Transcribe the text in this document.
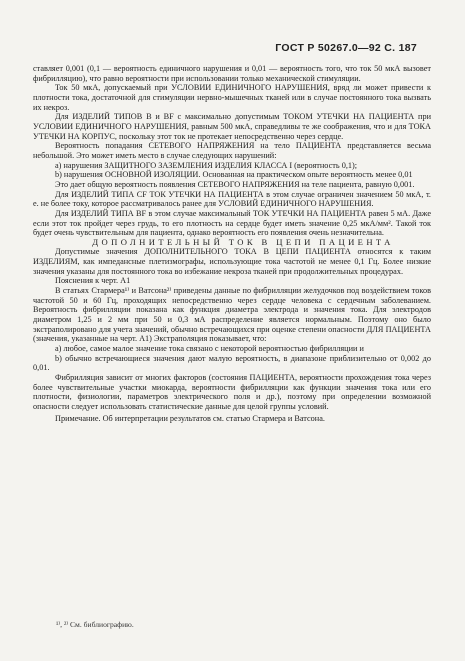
ГОСТ Р 50267.0—92 С. 187

ставляет 0,001 (0,1 — вероятность единичного нарушения и 0,01 — вероятность того, что ток 50 мкА вызовет фибрилляцию), что равно вероятности при использовании только механической стимуляции.

Ток 50 мкА, допускаемый при УСЛОВИИ ЕДИНИЧНОГО НАРУШЕНИЯ, вряд ли может привести к плотности тока, достаточной для стимуляции нервно-мышечных тканей или в случае постоянного тока вызвать их некроз.

Для ИЗДЕЛИЙ ТИПОВ В и BF с максимально допустимым ТОКОМ УТЕЧКИ НА ПАЦИЕНТА при УСЛОВИИ ЕДИНИЧНОГО НАРУШЕНИЯ, равным 500 мкА, справедливы те же соображения, что и для ТОКА УТЕЧКИ НА КОРПУС, поскольку этот ток не протекает непосредственно через сердце.

Вероятность попадания СЕТЕВОГО НАПРЯЖЕНИЯ на тело ПАЦИЕНТА представляется весьма небольшой. Это может иметь место в случае следующих нарушений:

а) нарушения ЗАЩИТНОГО ЗАЗЕМЛЕНИЯ ИЗДЕЛИЯ КЛАССА I (вероятность 0,1);

b) нарушения ОСНОВНОЙ ИЗОЛЯЦИИ. Основанная на практическом опыте вероятность менее 0,01

Это дает общую вероятность появления СЕТЕВОГО НАПРЯЖЕНИЯ на теле пациента, равную 0,001.

Для ИЗДЕЛИЙ ТИПА CF ТОК УТЕЧКИ НА ПАЦИЕНТА в этом случае ограничен значением 50 мкА, т. е. не более току, которое рассматривалось ранее для УСЛОВИЙ ЕДИНИЧНОГО НАРУШЕНИЯ.

Для ИЗДЕЛИЙ ТИПА BF в этом случае максимальный ТОК УТЕЧКИ НА ПАЦИЕНТА равен 5 мА. Даже если этот ток пройдет через грудь, то его плотность на сердце будет иметь значение 0,25 мкА/мм². Такой ток будет очень чувствительным для пациента, однако вероятность его появления очень незначительна.

ДОПОЛНИТЕЛЬНЫЙ ТОК В ЦЕПИ ПАЦИЕНТА

Допустимые значения ДОПОЛНИТЕЛЬНОГО ТОКА В ЦЕПИ ПАЦИЕНТА относятся к таким ИЗДЕЛИЯМ, как импедансные плетизмографы, использующие тока частотой не менее 0,1 Гц. Более низкие значения указаны для постоянного тока во избежание некроза тканей при продолжительных процедурах.

Пояснения к черт. А1

В статьях Стармера¹⁾ и Ватсона²⁾ приведены данные по фибрилляции желудочков под воздействием токов частотой 50 и 60 Гц, проходящих непосредственно через сердце человека с сердечным заболеванием. Вероятность фибрилляции показана как функция диаметра электрода и значения тока. Для электродов диаметром 1,25 и 2 мм при 50 и 0,3 мА распределение является нормальным. Поэтому оно было экстраполировано для учета значений, обычно встречающихся при оценке степени опасности ДЛЯ ПАЦИЕНТА (значения, указанные на черт. А1) Экстраполяция показывает, что:

а) любое, самое малое значение тока связано с некоторой вероятностью фибрилляции и

b) обычно встречающиеся значения дают малую вероятность, в диапазоне приблизительно от 0,002 до 0,01.

Фибрилляция зависит от многих факторов (состояния ПАЦИЕНТА, вероятности прохождения тока через более чувствительные участки миокарда, вероятности фибрилляции как функции значения тока или его плотности, физиологии, параметров электрического поля и др.), поэтому при определении возможной опасности следует использовать статистические данные для целой группы условий.

Примечание. Об интерпретации результатов см. статью Стармера и Ватсона.

¹⁾, ²⁾ См. библиографию.
